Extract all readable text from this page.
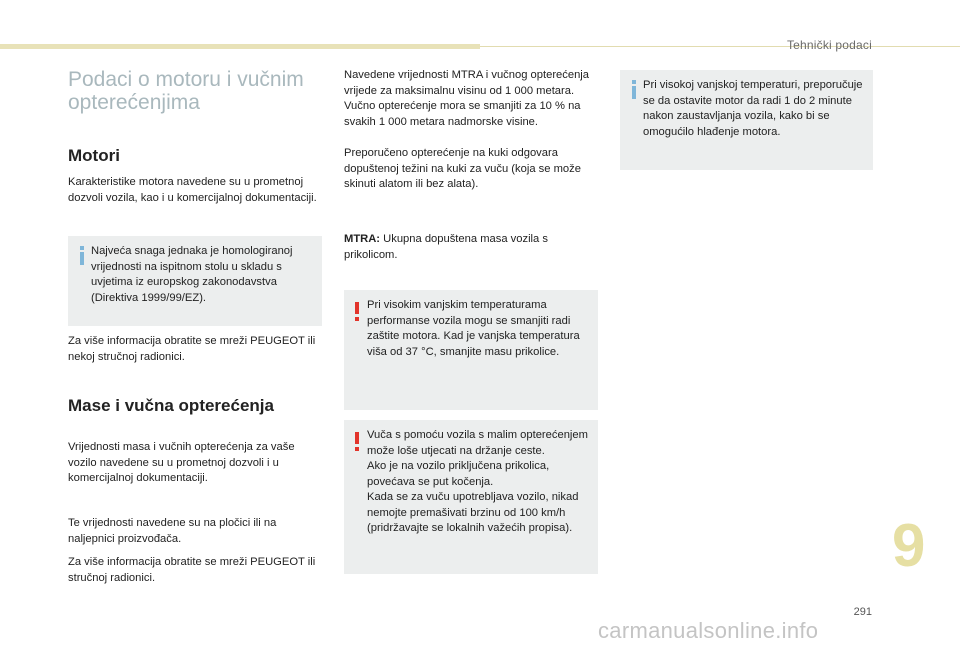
Tehnički podaci
Podaci o motoru i vučnim
opterećenjima
Motori

Karakteristike motora navedene su u prometnoj dozvoli vozila, kao i u komercijalnoj dokumentaciji.

Najveća snaga jednaka je homologiranoj vrijednosti na ispitnom stolu u skladu s uvjetima iz europskog zakonodavstva (Direktiva 1999/99/EZ).

Za više informacija obratite se mreži PEUGEOT ili nekoj stručnoj radionici.

Mase i vučna opterećenja

Vrijednosti masa i vučnih opterećenja za vaše vozilo navedene su u prometnoj dozvoli i u komercijalnoj dokumentaciji.

Te vrijednosti navedene su na pločici ili na naljepnici proizvođača.

Za više informacija obratite se mreži PEUGEOT ili stručnoj radionici.

Navedene vrijednosti MTRA i vučnog opterećenja vrijede za maksimalnu visinu od 1 000 metara. Vučno opterećenje mora se smanjiti za 10 % na svakih 1 000 metara nadmorske visine.

Preporučeno opterećenje na kuki odgovara dopuštenoj težini na kuki za vuču (koja se može skinuti alatom ili bez alata).

MTRA: Ukupna dopuštena masa vozila s prikolicom.

Pri visokim vanjskim temperaturama performanse vozila mogu se smanjiti radi zaštite motora. Kad je vanjska temperatura viša od 37 °C, smanjite masu prikolice.
Vuča s pomoću vozila s malim opterećenjem može loše utjecati na držanje ceste.
Ako je na vozilo priključena prikolica, povećava se put kočenja.
Kada se za vuču upotrebljava vozilo, nikad nemojte premašivati brzinu od 100 km/h (pridržavajte se lokalnih važećih propisa).
Pri visokoj vanjskoj temperaturi, preporučuje se da ostavite motor da radi 1 do 2 minute nakon zaustavljanja vozila, kako bi se omogućilo hlađenje motora.
9
291
carmanualsonline.info
